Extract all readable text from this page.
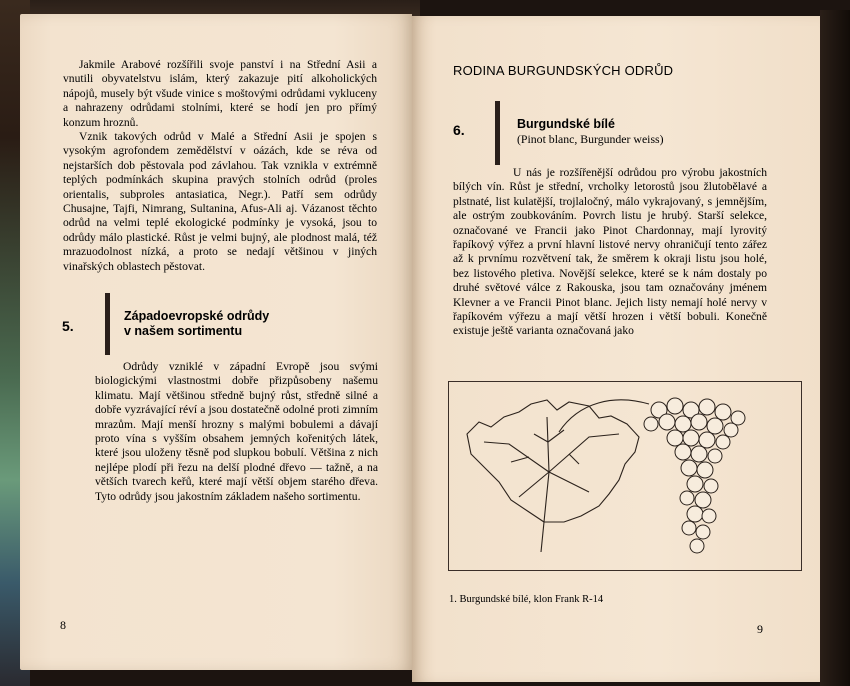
Jakmile Arabové rozšířili svoje panství i na Střední Asii a vnutili obyvatelstvu islám, který zakazuje pití alkoholických nápojů, musely být všude vinice s moštovými odrůdami vykluceny a nahrazeny odrůdami stolními, které se hodí jen pro přímý konzum hroznů.

Vznik takových odrůd v Malé a Střední Asii je spojen s vysokým agrofondem zemědělství v oázách, kde se réva od nejstarších dob pěstovala pod závlahou. Tak vznikla v extrémně teplých podmínkách skupina pravých stolních odrůd (proles orientalis, subproles antasiatica, Negr.). Patří sem odrůdy Chusajne, Tajfi, Nimrang, Sultanina, Afus-Ali aj. Vázanost těchto odrůd na velmi teplé ekologické podmínky je vysoká, jsou to odrůdy málo plastické. Růst je velmi bujný, ale plodnost malá, též mrazuodolnost nízká, a proto se nedají většinou v jiných vinařských oblastech pěstovat.

5.
Západoevropské odrůdy
v našem sortimentu

Odrůdy vzniklé v západní Evropě jsou svými biologickými vlastnostmi dobře přizpůsobeny našemu klimatu. Mají většinou středně bujný růst, středně silné a dobře vyzrávající réví a jsou dostatečně odolné proti zimním mrazům. Mají menší hrozny s malými bobulemi a dávají proto vína s vyšším obsahem jemných kořenitých látek, které jsou uloženy těsně pod slupkou bobulí. Většina z nich nejlépe plodí při řezu na delší plodné dřevo — tažně, a na větších tvarech keřů, které mají větší objem starého dřeva. Tyto odrůdy jsou jakostním základem našeho sortimentu.

8
RODINA BURGUNDSKÝCH ODRŮD
6.	Burgundské bílé
(Pinot blanc, Burgunder weiss)

U nás je rozšířenější odrůdou pro výrobu jakostních bílých vín. Růst je střední, vrcholky letorostů jsou žlutobělavé a plstnaté, list kulatější, trojlaločný, málo vykrajovaný, s jemnějším, ale ostrým zoubkováním. Povrch listu je hrubý. Starší selekce, označované ve Francii jako Pinot Chardonnay, mají lyrovitý řapíkový výřez a první hlavní listové nervy ohraničují tento zářez až k prvnímu rozvětvení tak, že směrem k okraji listu jsou holé, bez listového pletiva. Novější selekce, které se k nám dostaly po druhé světové válce z Rakouska, jsou tam označovány jménem Klevner a ve Francii Pinot blanc. Jejich listy nemají holé nervy v řapíkovém výřezu a mají větší hrozen i větší bobuli. Konečně existuje ještě varianta označovaná jako

1. Burgundské bílé, klon Frank R-14
9
